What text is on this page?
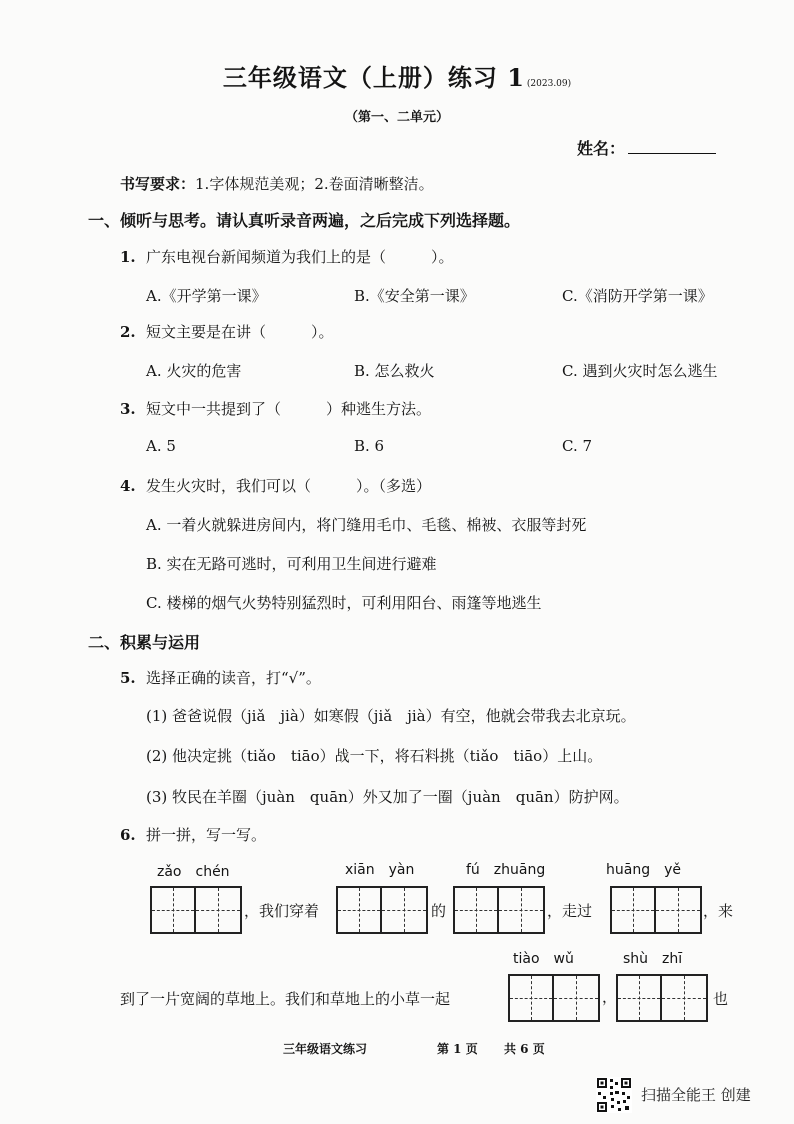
三年级语文（上册）练习 1 (2023.09)
（第一、二单元）
姓名：
书写要求：1.字体规范美观；2.卷面清晰整洁。
一、倾听与思考。请认真听录音两遍，之后完成下列选择题。
1. 广东电视台新闻频道为我们上的是（　　　）。
A.《开学第一课》	B.《安全第一课》	C.《消防开学第一课》
2. 短文主要是在讲（　　　）。
A. 火灾的危害	B. 怎么救火	C. 遇到火灾时怎么逃生
3. 短文中一共提到了（　　　）种逃生方法。
A. 5	B. 6	C. 7
4. 发生火灾时，我们可以（　　　）。（多选）
A. 一着火就躲进房间内，将门缝用毛巾、毛毯、棉被、衣服等封死
B. 实在无路可逃时，可利用卫生间进行避难
C. 楼梯的烟气火势特别猛烈时，可利用阳台、雨篷等地逃生
二、积累与运用
5. 选择正确的读音，打“√”。
(1) 爸爸说假（jiǎ　jià）如寒假（jiǎ　jià）有空，他就会带我去北京玩。
(2) 他决定挑（tiǎo　tiāo）战一下，将石料挑（tiǎo　tiāo）上山。
(3) 牧民在羊圈（juàn　quān）外又加了一圈（juàn　quān）防护网。
6. 拼一拼，写一写。
zǎo　chén
，我们穿着
xiān　yàn
的
fú　zhuāng
，走过
huāng　yě
，来
到了一片宽阔的草地上。我们和草地上的小草一起
tiào　wǔ
，
shù　zhī
也
三年级语文练习	第 1 页 共 6 页
扫描全能王 创建
